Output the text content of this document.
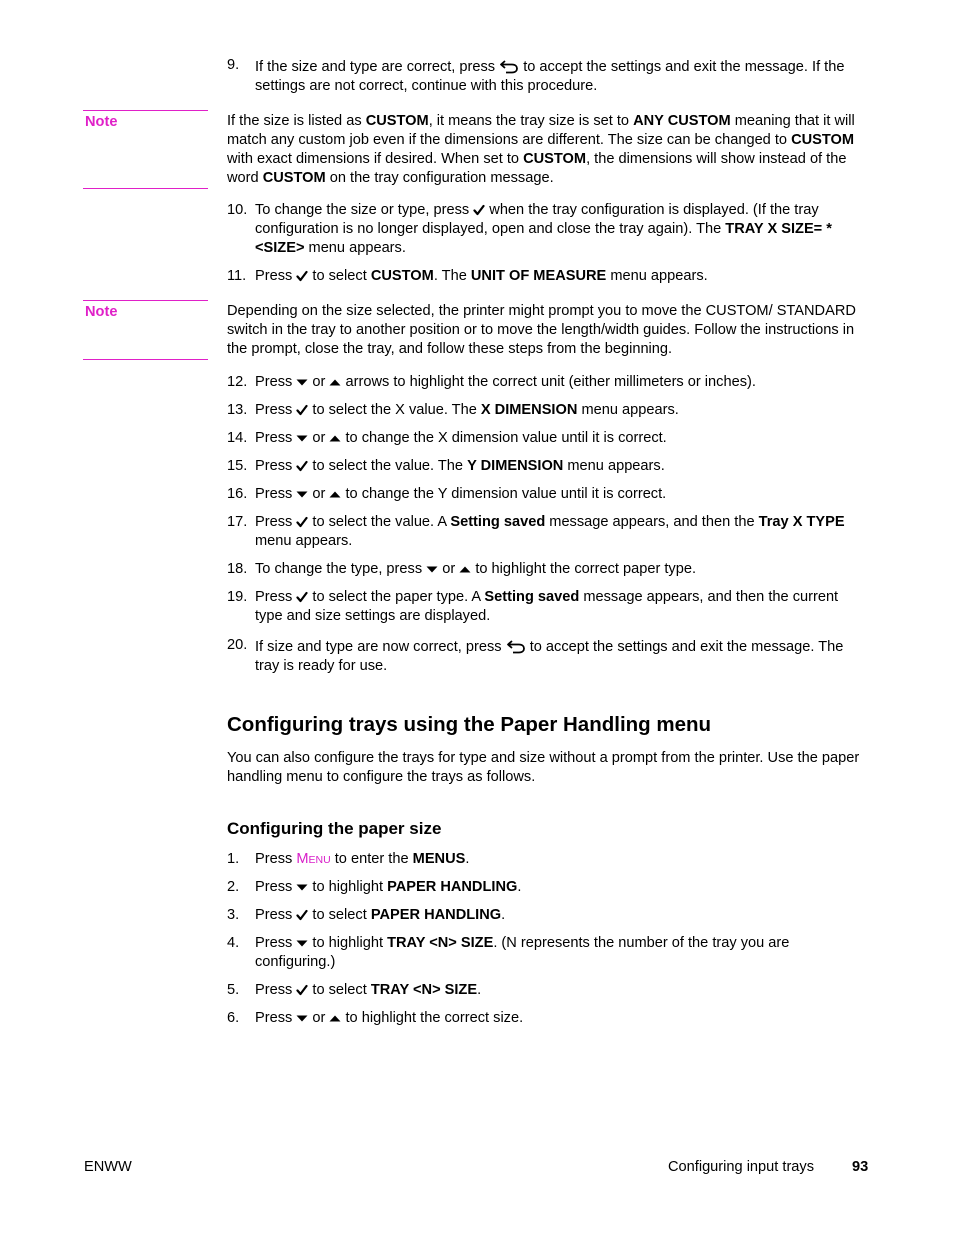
9. If the size and type are correct, press
to accept the settings and exit the message. If the settings are not correct, continue with this procedure.
Note	If the size is listed as CUSTOM, it means the tray size is set to ANY CUSTOM meaning that it will match any custom job even if the dimensions are different. The size can be changed to CUSTOM with exact dimensions if desired. When set to CUSTOM, the dimensions will show instead of the word CUSTOM on the tray configuration message.
10. To change the size or type, press
when the tray configuration is displayed. (If the tray configuration is no longer displayed, open and close the tray again). The TRAY X SIZE= *<SIZE> menu appears.
11. Press
to select CUSTOM. The UNIT OF MEASURE menu appears.
Note	Depending on the size selected, the printer might prompt you to move the CUSTOM/ STANDARD switch in the tray to another position or to move the length/width guides. Follow the instructions in the prompt, close the tray, and follow these steps from the beginning.
12. Press
or
arrows to highlight the correct unit (either millimeters or inches).
13. Press
to select the X value. The X DIMENSION menu appears.
14. Press
or
to change the X dimension value until it is correct.
15. Press
to select the value. The Y DIMENSION menu appears.
16. Press
or
to change the Y dimension value until it is correct.
17. Press
to select the value. A Setting saved message appears, and then the Tray X TYPE menu appears.
18. To change the type, press
or
to highlight the correct paper type.
19. Press
to select the paper type. A Setting saved message appears, and then the current type and size settings are displayed.
20. If size and type are now correct, press
to accept the settings and exit the message. The tray is ready for use.
Configuring trays using the Paper Handling menu
You can also configure the trays for type and size without a prompt from the printer. Use the paper handling menu to configure the trays as follows.
Configuring the paper size
1. Press MENU to enter the MENUS.
2. Press
to highlight PAPER HANDLING.
3. Press
to select PAPER HANDLING.
4. Press
to highlight TRAY <N> SIZE. (N represents the number of the tray you are configuring.)
5. Press
to select TRAY <N> SIZE.
6. Press
or
to highlight the correct size.
ENWW	Configuring input trays	93
